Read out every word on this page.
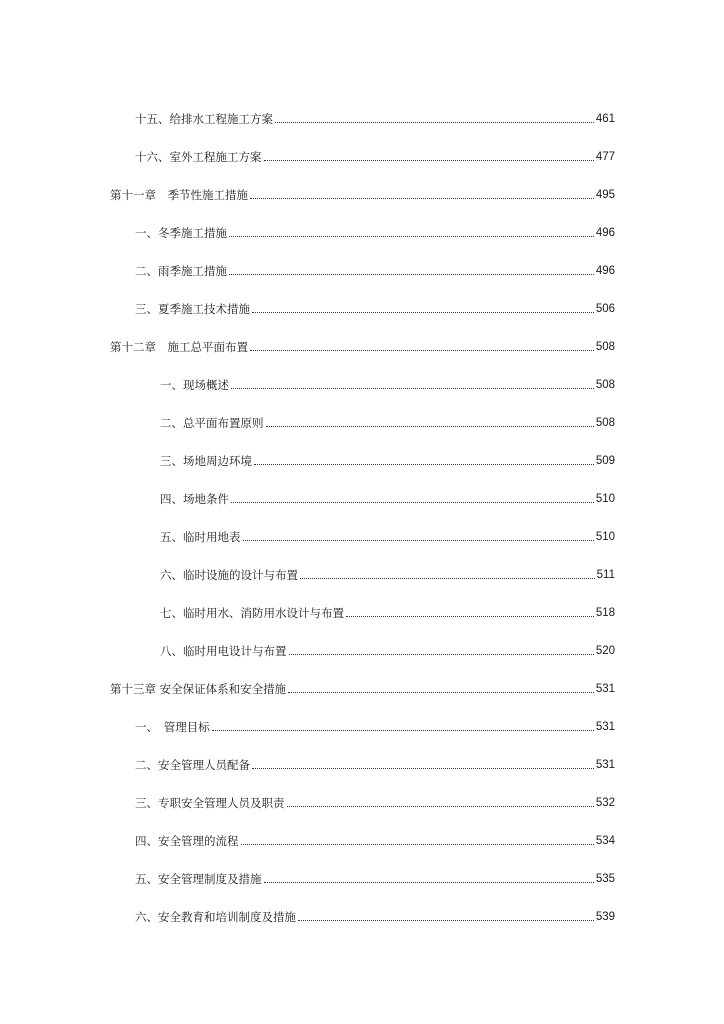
十五、给排水工程施工方案	461
十六、室外工程施工方案	477
第十一章　季节性施工措施	495
一、冬季施工措施	496
二、雨季施工措施	496
三、夏季施工技术措施	506
第十二章　施工总平面布置	508
一、现场概述	508
二、总平面布置原则	508
三、场地周边环境	509
四、场地条件	510
五、临时用地表	510
六、临时设施的设计与布置	511
七、临时用水、消防用水设计与布置	518
八、临时用电设计与布置	520
第十三章 安全保证体系和安全措施	531
一、　管理目标	531
二、安全管理人员配备	531
三、专职安全管理人员及职责	532
四、安全管理的流程	534
五、安全管理制度及措施	535
六、安全教育和培训制度及措施	539
